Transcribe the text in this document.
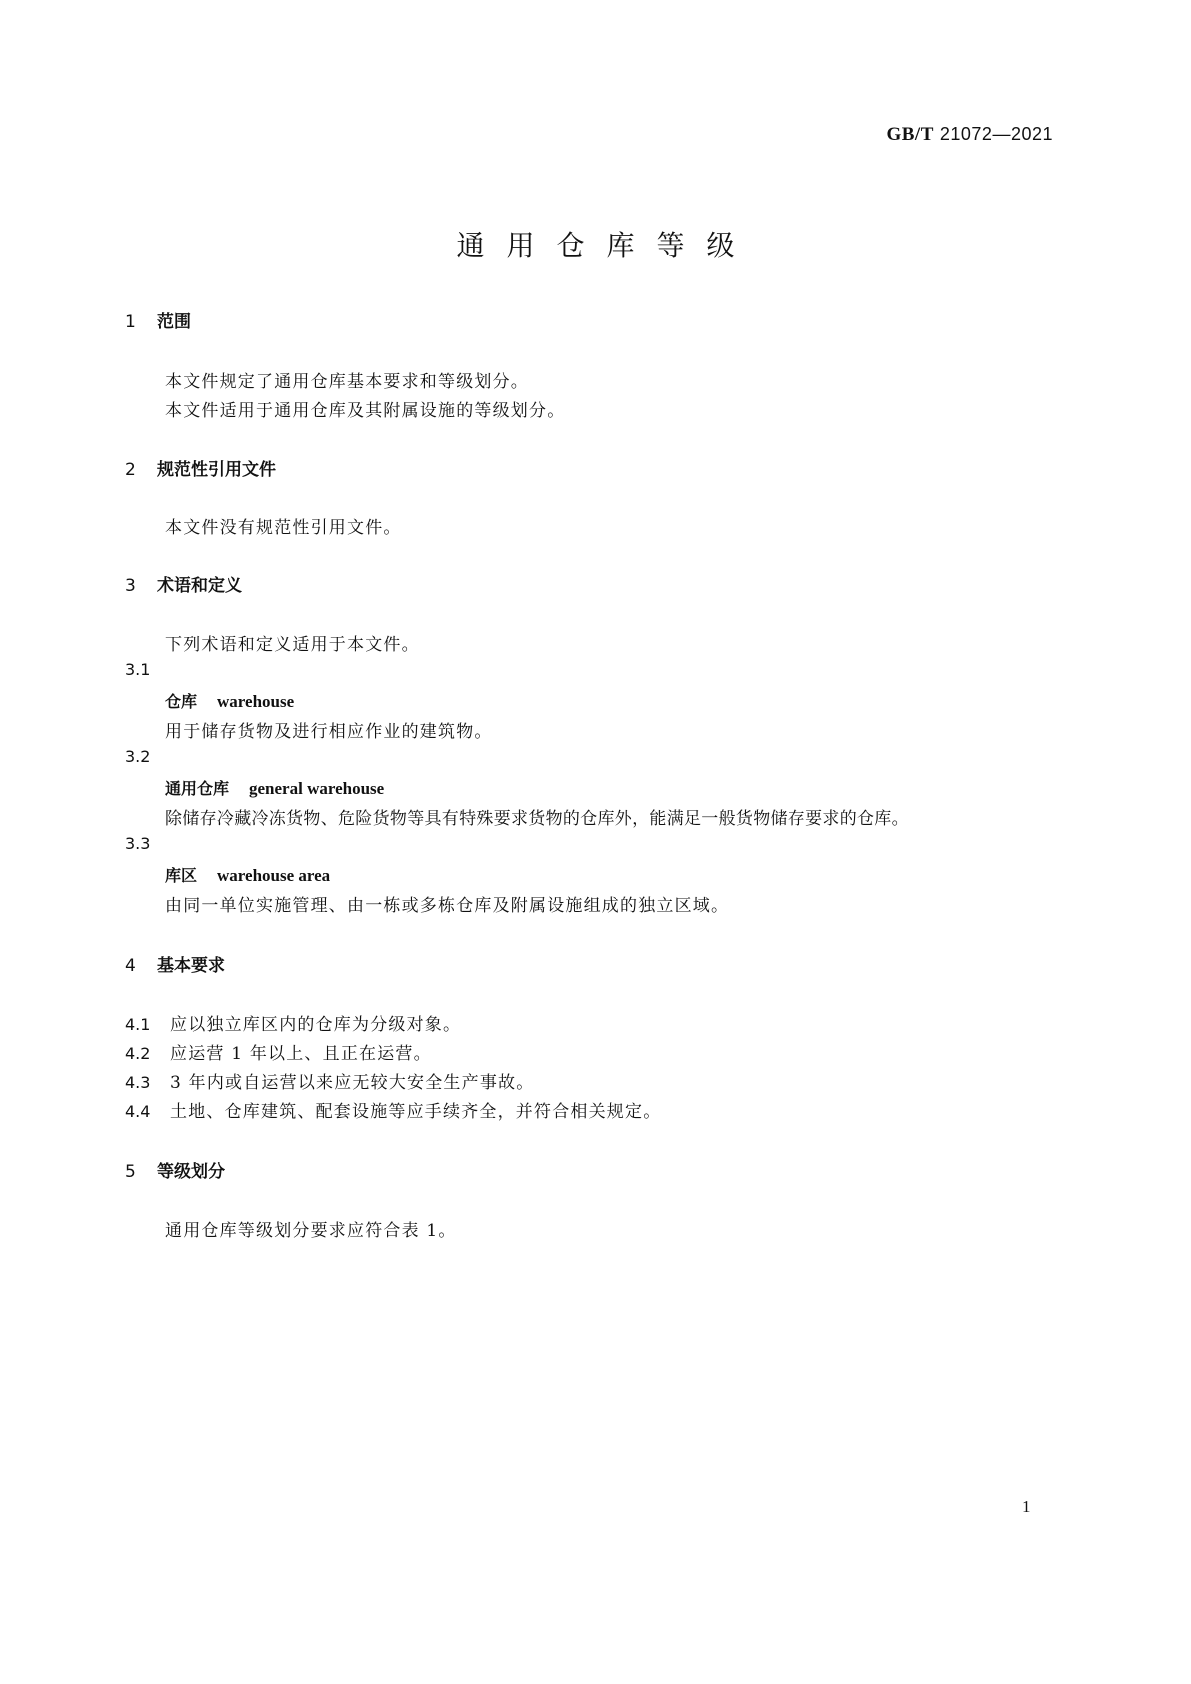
GB/T 21072—2021
通用仓库等级
1 范围
本文件规定了通用仓库基本要求和等级划分。
本文件适用于通用仓库及其附属设施的等级划分。
2 规范性引用文件
本文件没有规范性引用文件。
3 术语和定义
下列术语和定义适用于本文件。
3.1
仓库 warehouse
用于储存货物及进行相应作业的建筑物。
3.2
通用仓库 general warehouse
除储存冷藏冷冻货物、危险货物等具有特殊要求货物的仓库外，能满足一般货物储存要求的仓库。
3.3
库区 warehouse area
由同一单位实施管理、由一栋或多栋仓库及附属设施组成的独立区域。
4 基本要求
4.1 应以独立库区内的仓库为分级对象。
4.2 应运营 1 年以上、且正在运营。
4.3 3 年内或自运营以来应无较大安全生产事故。
4.4 土地、仓库建筑、配套设施等应手续齐全，并符合相关规定。
5 等级划分
通用仓库等级划分要求应符合表 1。
1
